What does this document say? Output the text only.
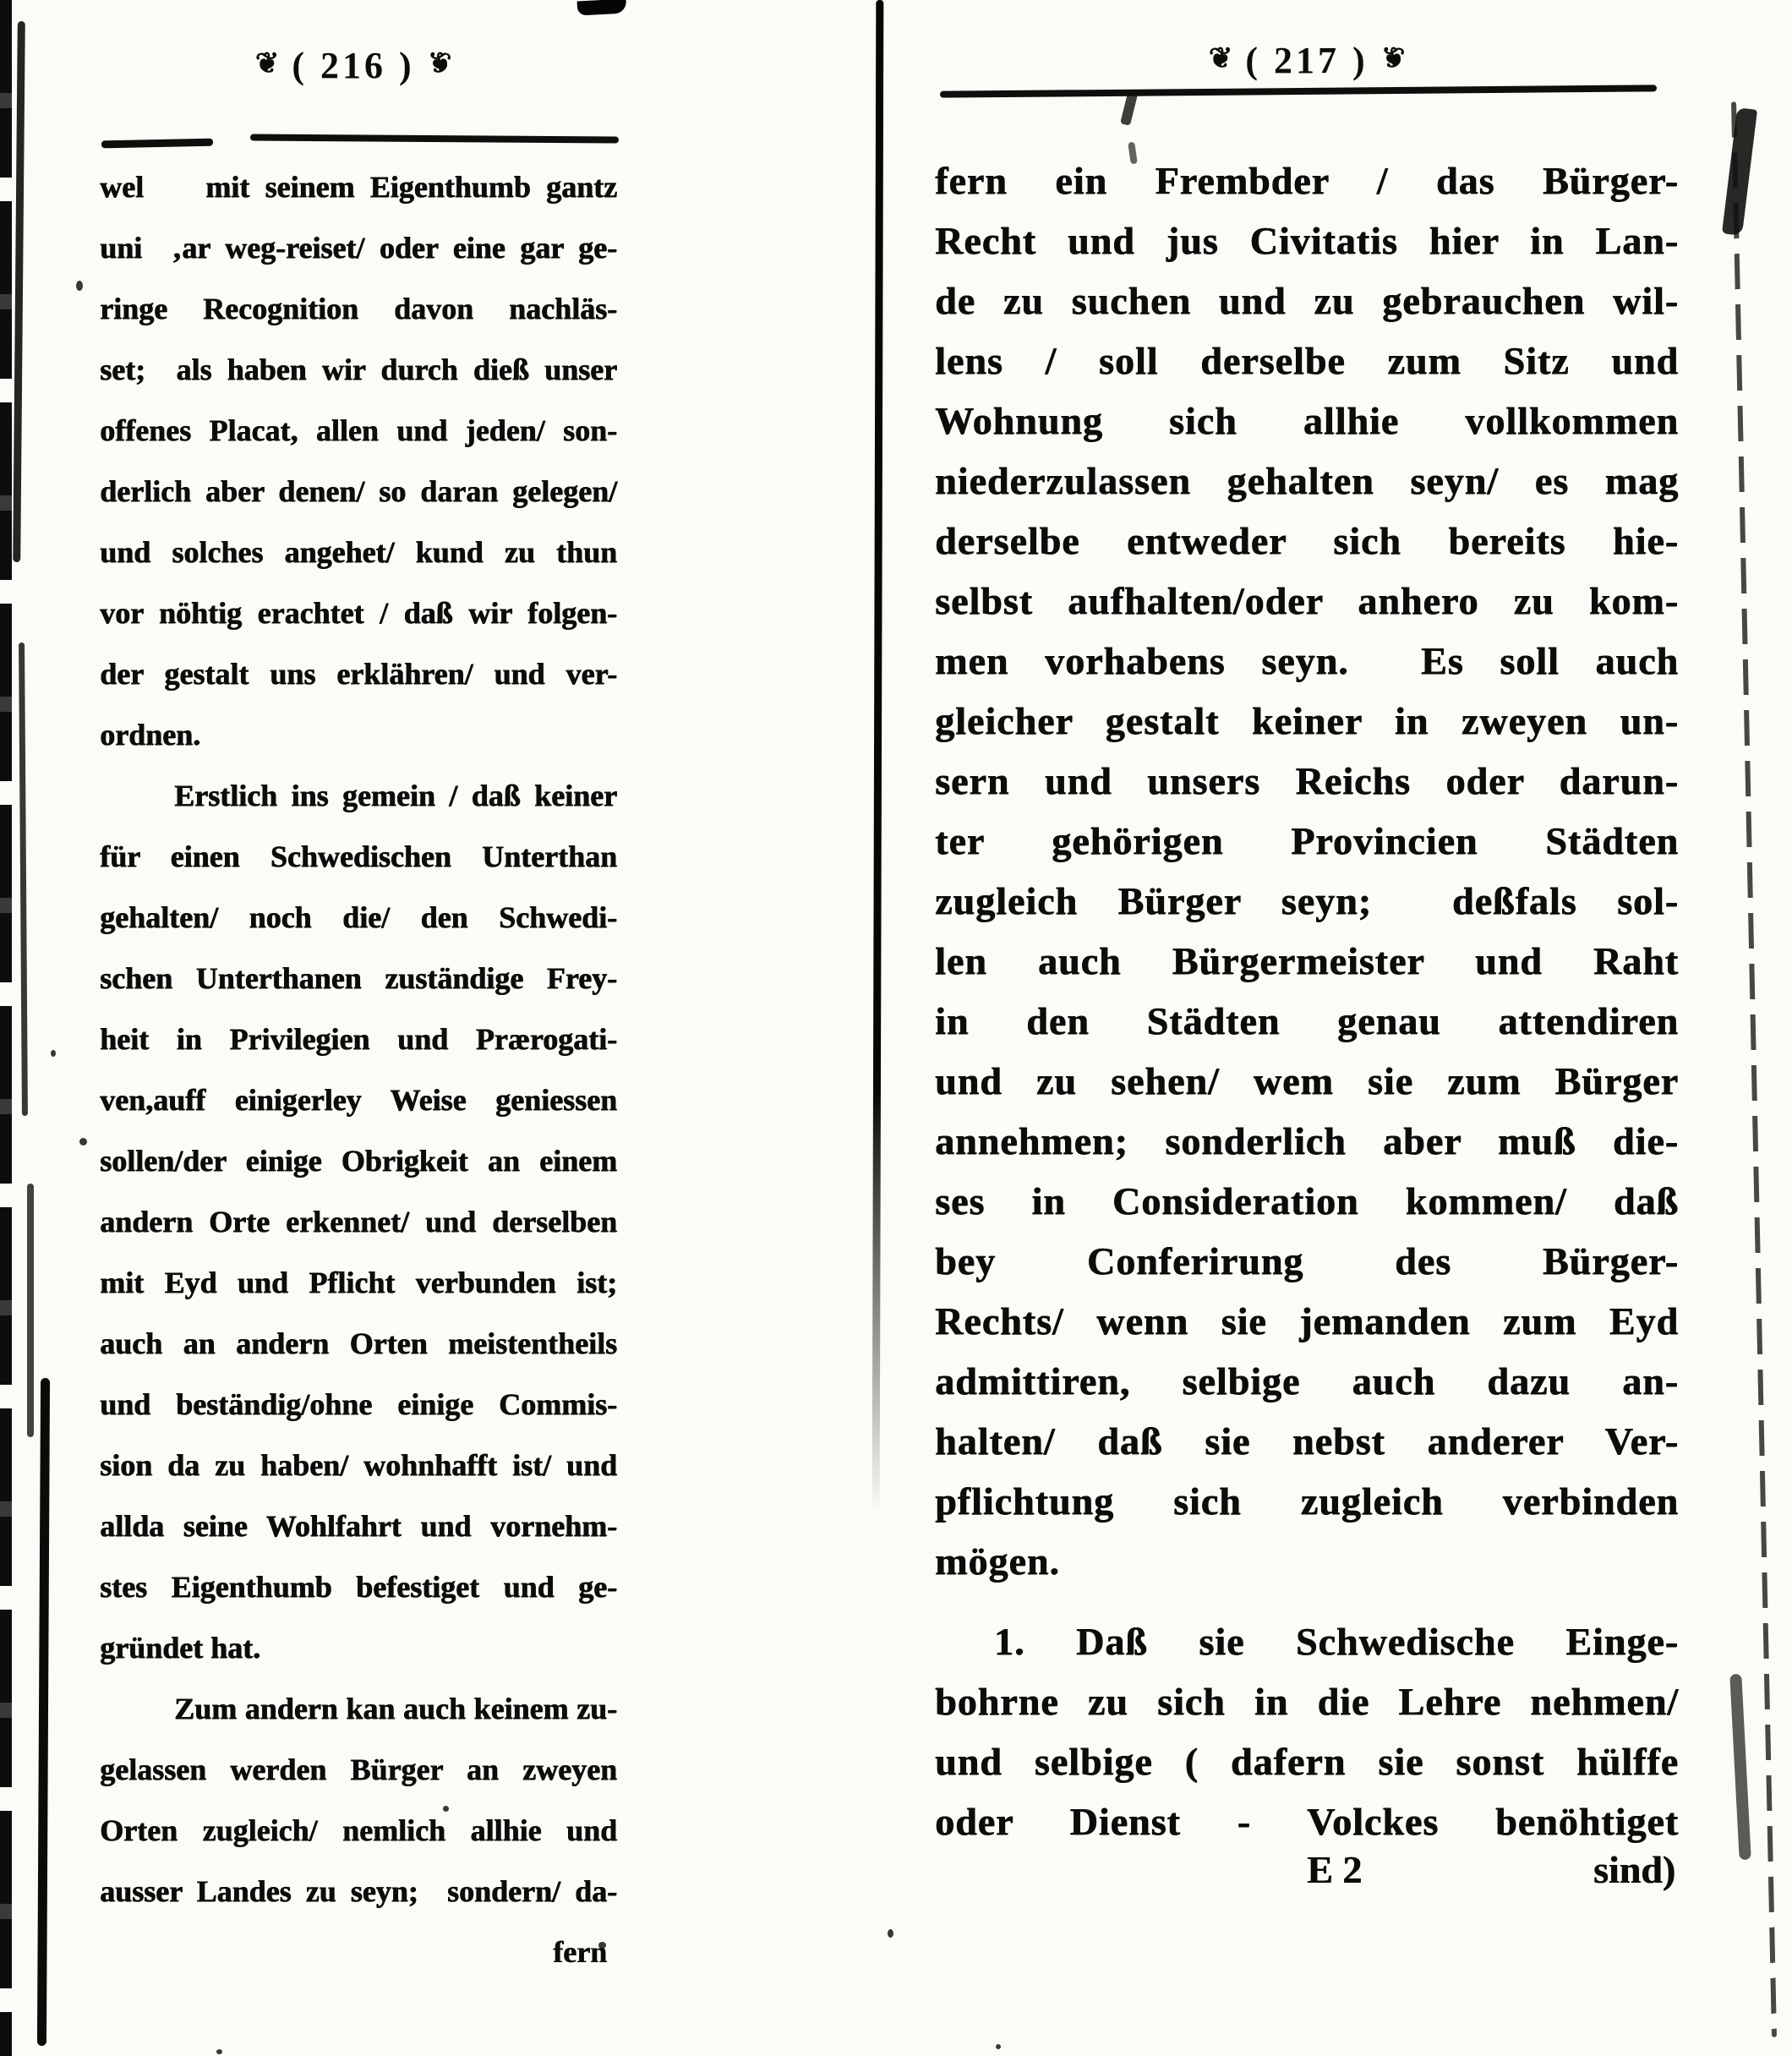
❦ ( 216 ) ❦
wel    mit seinem Eigenthumb gantz
uni  ‚ar weg-reiset/ oder eine gar ge-
ringe Recognition davon nachläs-
set;  als haben wir durch dieß unser
offenes Placat, allen und jeden/ son-
derlich aber denen/ so daran gelegen/
und solches angehet/ kund zu thun
vor nöhtig erachtet / daß wir folgen-
der gestalt uns erklähren/ und ver-
ordnen.
Erstlich ins gemein / daß keiner
für einen Schwedischen Unterthan
gehalten/ noch die/ den Schwedi-
schen Unterthanen zuständige Frey-
heit in Privilegien und Prærogati-
ven,auff einigerley Weise geniessen
sollen/der einige Obrigkeit an einem
andern Orte erkennet/ und derselben
mit Eyd und Pflicht verbunden ist;
auch an andern Orten meistentheils
und beständig/ohne einige Commis-
sion da zu haben/ wohnhafft ist/ und
allda seine Wohlfahrt und vornehm-
stes Eigenthumb befestiget und ge-
gründet hat.
Zum andern kan auch keinem zu-
gelassen werden Bürger an zweyen
Orten zugleich/ nemlich allhie und
ausser Landes zu seyn;  sondern/ da-
fern
❦ ( 217 ) ❦
fern ein Frembder / das Bürger-
Recht und jus Civitatis hier in Lan-
de zu suchen und zu gebrauchen wil-
lens / soll derselbe zum Sitz und
Wohnung sich allhie vollkommen
niederzulassen gehalten seyn/ es mag
derselbe entweder sich bereits hie-
selbst aufhalten/oder anhero zu kom-
men vorhabens seyn.  Es soll auch
gleicher gestalt keiner in zweyen un-
sern und unsers Reichs oder darun-
ter gehörigen Provincien Städten
zugleich Bürger seyn;  deßfals sol-
len auch Bürgermeister und Raht
in den Städten genau attendiren
und zu sehen/ wem sie zum Bürger
annehmen; sonderlich aber muß die-
ses in Consideration kommen/ daß
bey Conferirung des Bürger-
Rechts/ wenn sie jemanden zum Eyd
admittiren, selbige auch dazu an-
halten/ daß sie nebst anderer Ver-
pflichtung sich zugleich verbinden
mögen.
1. Daß sie Schwedische Einge-
bohrne zu sich in die Lehre nehmen/
und selbige ( dafern sie sonst hülffe
oder Dienst - Volckes benöhtiget
E 2	sind)
